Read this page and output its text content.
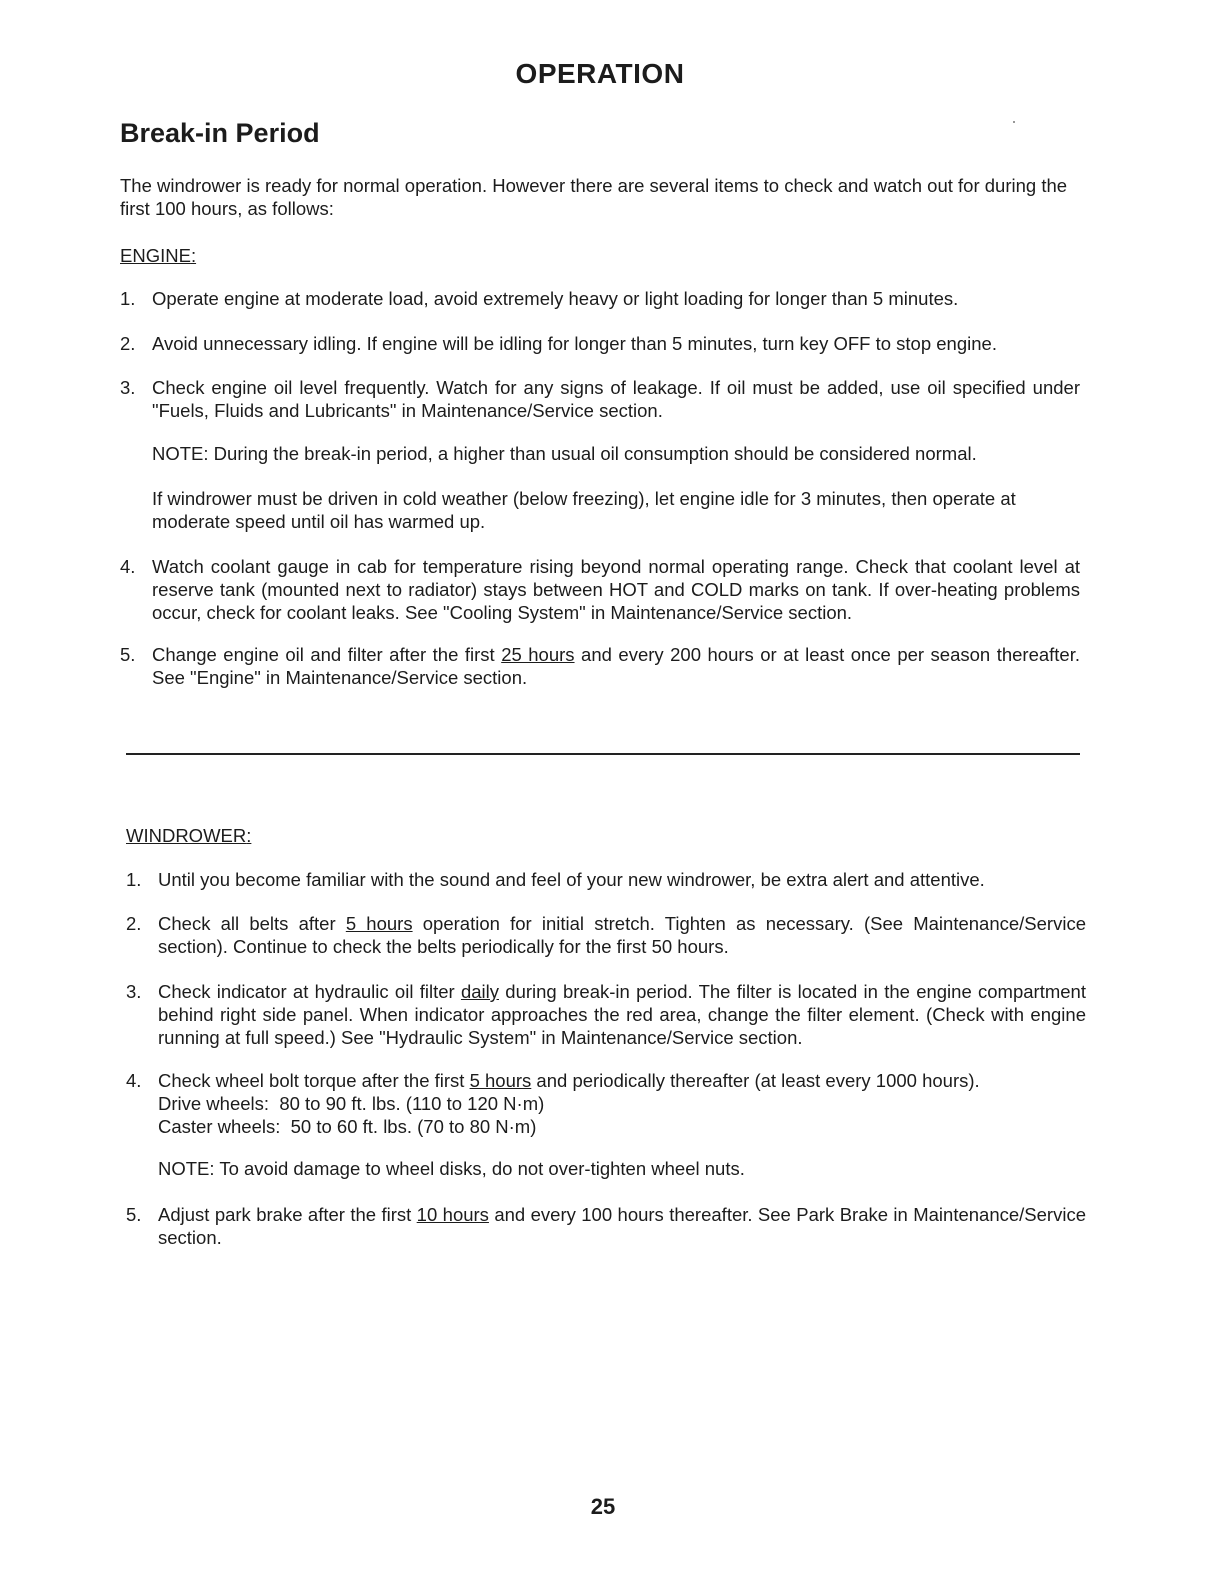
OPERATION
Break-in Period
The windrower is ready for normal operation. However there are several items to check and watch out for during the first 100 hours, as follows:
ENGINE:
1. Operate engine at moderate load, avoid extremely heavy or light loading for longer than 5 minutes.
2. Avoid unnecessary idling. If engine will be idling for longer than 5 minutes, turn key OFF to stop engine.
3. Check engine oil level frequently. Watch for any signs of leakage. If oil must be added, use oil specified under "Fuels, Fluids and Lubricants" in Maintenance/Service section.
NOTE: During the break-in period, a higher than usual oil consumption should be considered normal.
If windrower must be driven in cold weather (below freezing), let engine idle for 3 minutes, then operate at moderate speed until oil has warmed up.
4. Watch coolant gauge in cab for temperature rising beyond normal operating range. Check that coolant level at reserve tank (mounted next to radiator) stays between HOT and COLD marks on tank. If over-heating problems occur, check for coolant leaks. See "Cooling System" in Maintenance/Service section.
5. Change engine oil and filter after the first 25 hours and every 200 hours or at least once per season thereafter. See "Engine" in Maintenance/Service section.
WINDROWER:
1. Until you become familiar with the sound and feel of your new windrower, be extra alert and attentive.
2. Check all belts after 5 hours operation for initial stretch. Tighten as necessary. (See Maintenance/Service section). Continue to check the belts periodically for the first 50 hours.
3. Check indicator at hydraulic oil filter daily during break-in period. The filter is located in the engine compartment behind right side panel. When indicator approaches the red area, change the filter element. (Check with engine running at full speed.) See "Hydraulic System" in Maintenance/Service section.
4. Check wheel bolt torque after the first 5 hours and periodically thereafter (at least every 1000 hours).
Drive wheels:  80 to 90 ft. lbs. (110 to 120 N·m)
Caster wheels:  50 to 60 ft. lbs. (70 to 80 N·m)
NOTE: To avoid damage to wheel disks, do not over-tighten wheel nuts.
5. Adjust park brake after the first 10 hours and every 100 hours thereafter. See Park Brake in Maintenance/Service section.
25
